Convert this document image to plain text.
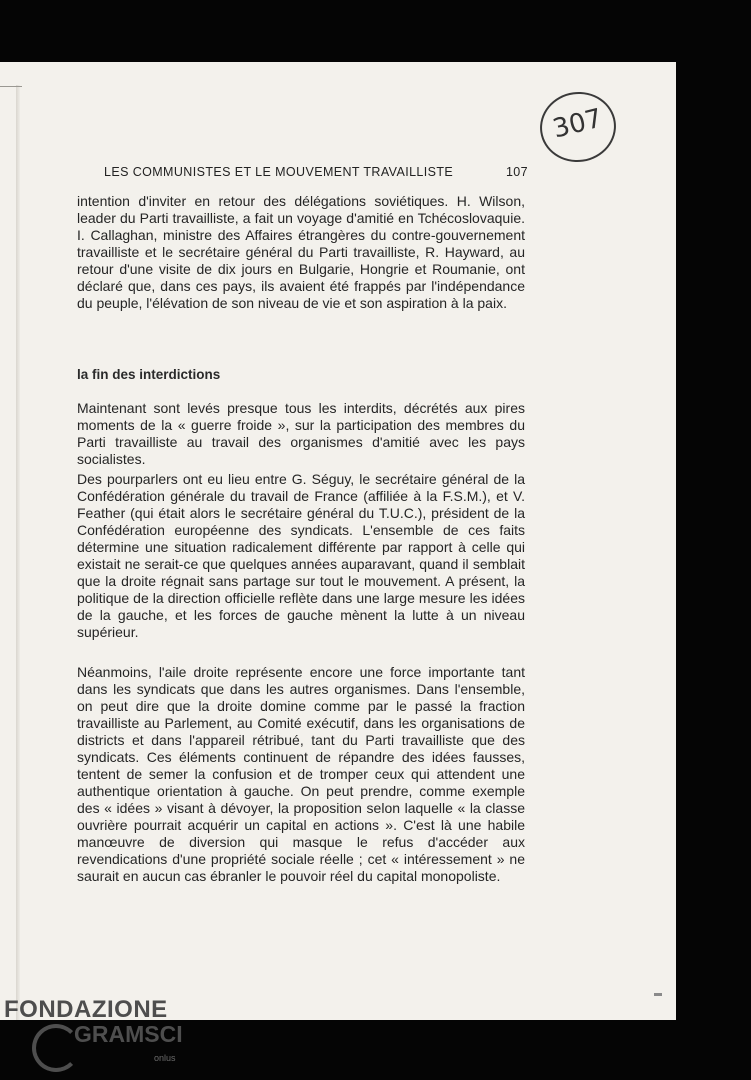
307
LES COMMUNISTES ET LE MOUVEMENT TRAVAILLISTE	107

intention d'inviter en retour des délégations soviétiques. H. Wilson, leader du Parti travailliste, a fait un voyage d'amitié en Tchécoslovaquie. I. Callaghan, ministre des Affaires étrangères du contre-gouvernement travailliste et le secrétaire général du Parti travailliste, R. Hayward, au retour d'une visite de dix jours en Bulgarie, Hongrie et Roumanie, ont déclaré que, dans ces pays, ils avaient été frappés par l'indépendance du peuple, l'élévation de son niveau de vie et son aspiration à la paix.

la fin des interdictions

Maintenant sont levés presque tous les interdits, décrétés aux pires moments de la « guerre froide », sur la participation des membres du Parti travailliste au travail des organismes d'amitié avec les pays socialistes.

Des pourparlers ont eu lieu entre G. Séguy, le secrétaire général de la Confédération générale du travail de France (affiliée à la F.S.M.), et V. Feather (qui était alors le secrétaire général du T.U.C.), président de la Confédération européenne des syndicats. L'ensemble de ces faits détermine une situation radicalement différente par rapport à celle qui existait ne serait-ce que quelques années auparavant, quand il semblait que la droite régnait sans partage sur tout le mouvement. A présent, la politique de la direction officielle reflète dans une large mesure les idées de la gauche, et les forces de gauche mènent la lutte à un niveau supérieur.

Néanmoins, l'aile droite représente encore une force importante tant dans les syndicats que dans les autres organismes. Dans l'ensemble, on peut dire que la droite domine comme par le passé la fraction travailliste au Parlement, au Comité exécutif, dans les organisations de districts et dans l'appareil rétribué, tant du Parti travailliste que des syndicats. Ces éléments continuent de répandre des idées fausses, tentent de semer la confusion et de tromper ceux qui attendent une authentique orientation à gauche. On peut prendre, comme exemple des « idées » visant à dévoyer, la proposition selon laquelle « la classe ouvrière pourrait acquérir un capital en actions ». C'est là une habile manœuvre de diversion qui masque le refus d'accéder aux revendications d'une propriété sociale réelle ; cet « intéressement » ne saurait en aucun cas ébranler le pouvoir réel du capital monopoliste.

FONDAZIONE
GRAMSCI
onlus
